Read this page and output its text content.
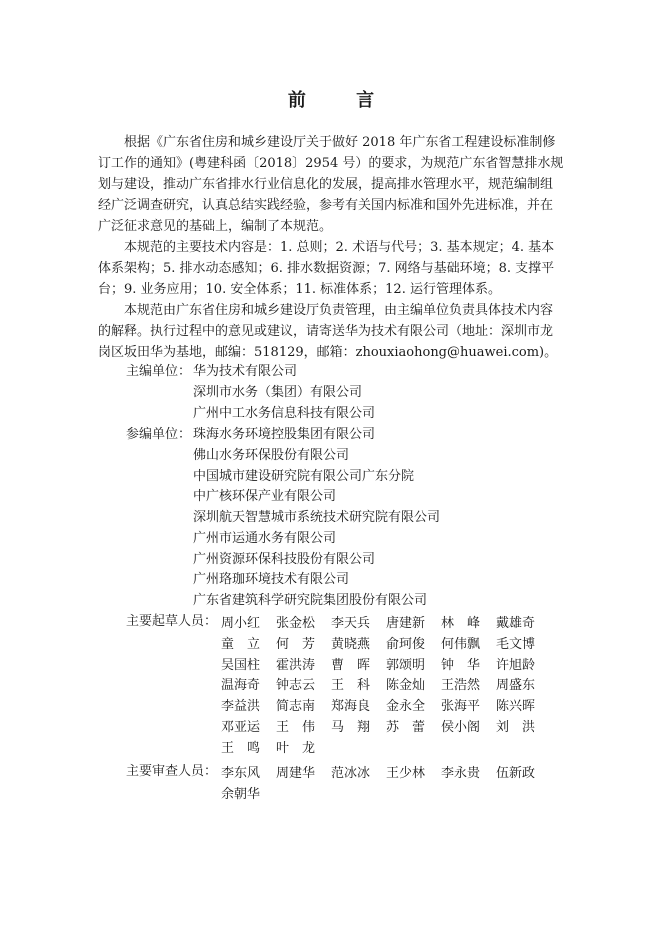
前 言

根据《广东省住房和城乡建设厅关于做好 2018 年广东省工程建设标准制修订工作的通知》(粤建科函〔2018〕2954 号）的要求，为规范广东省智慧排水规划与建设，推动广东省排水行业信息化的发展，提高排水管理水平，规范编制组经广泛调查研究，认真总结实践经验，参考有关国内标准和国外先进标准，并在广泛征求意见的基础上，编制了本规范。

本规范的主要技术内容是：1. 总则；2. 术语与代号；3. 基本规定；4. 基本体系架构；5. 排水动态感知；6. 排水数据资源；7. 网络与基础环境；8. 支撑平台；9. 业务应用；10. 安全体系；11. 标准体系；12. 运行管理体系。

本规范由广东省住房和城乡建设厅负责管理，由主编单位负责具体技术内容的解释。执行过程中的意见或建议，请寄送华为技术有限公司（地址：深圳市龙岗区坂田华为基地，邮编：518129，邮箱：zhouxiaohong@huawei.com)。

主编单位： 华为技术有限公司
深圳市水务（集团）有限公司
广州中工水务信息科技有限公司
参编单位： 珠海水务环境控股集团有限公司
佛山水务环保股份有限公司
中国城市建设研究院有限公司广东分院
中广核环保产业有限公司
深圳航天智慧城市系统技术研究院有限公司
广州市运通水务有限公司
广州资源环保科技股份有限公司
广州珞珈环境技术有限公司
广东省建筑科学研究院集团股份有限公司
主要起草人员： 周小红	张金松	李天兵	唐建新	林　峰	戴雄奇
童　立	何　芳	黄晓燕	俞珂俊	何伟飘	毛文博
吴国柱	霍洪涛	曹　晖	郭颂明	钟　华	许旭龄
温海奇	钟志云	王　科	陈金灿	王浩然	周盛东
李益洪	简志南	郑海良	金永全	张海平	陈兴晖
邓亚运	王　伟	马　翔	苏　蕾	侯小阁	刘　洪
王　鸣	叶　龙
主要审查人员： 李东风	周建华	范冰冰	王少林	李永贵	伍新政
余朝华
